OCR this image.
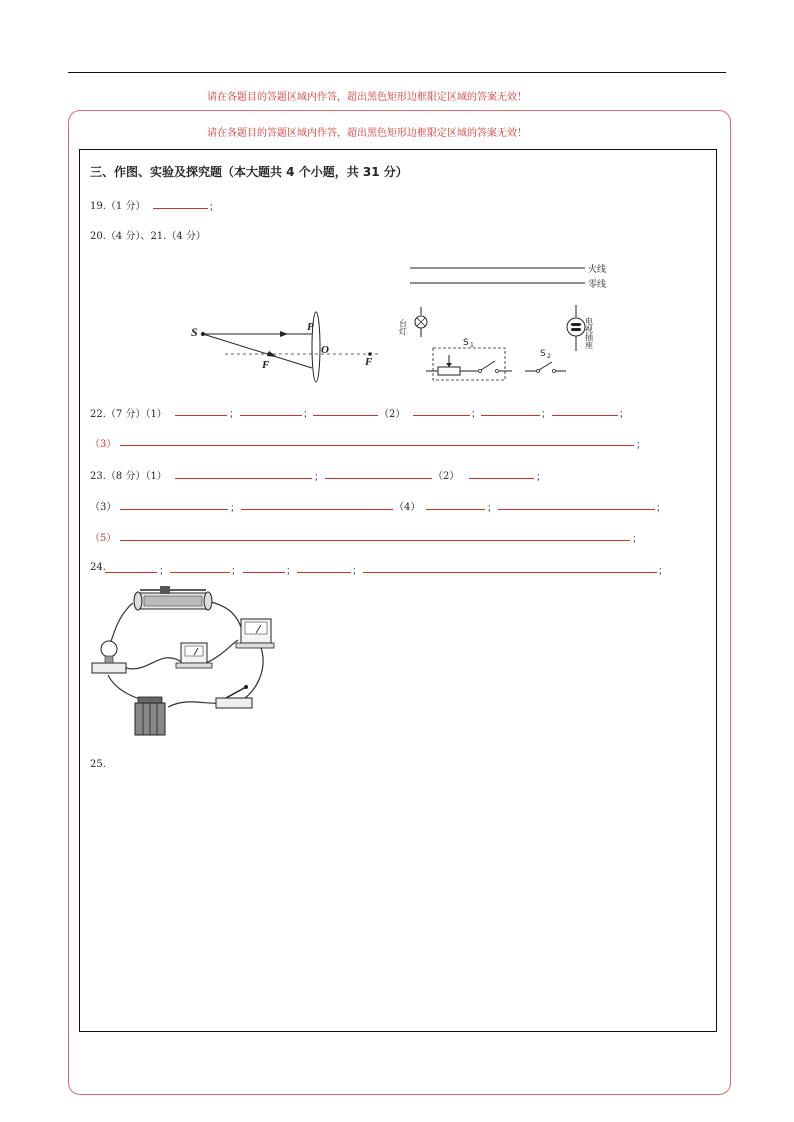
请在各题目的答题区域内作答，超出黑色矩形边框限定区域的答案无效！
请在各题目的答题区域内作答，超出黑色矩形边框限定区域的答案无效！
三、作图、实验及探究题（本大题共 4 个小题，共 31 分）
19.（1 分）	；
20.（4 分）、21.（4 分）
S	P
O
F	F
火线
零线
台灯
S 1
S 2
电视插座
22.（7 分）（1）	；	；	（2）	；	；	；
（3）	；
23.（8 分）（1）	；	（2）	；
（3）	；	（4）	；	；
（5）	；
24.	；	；	；	；	；
25.
